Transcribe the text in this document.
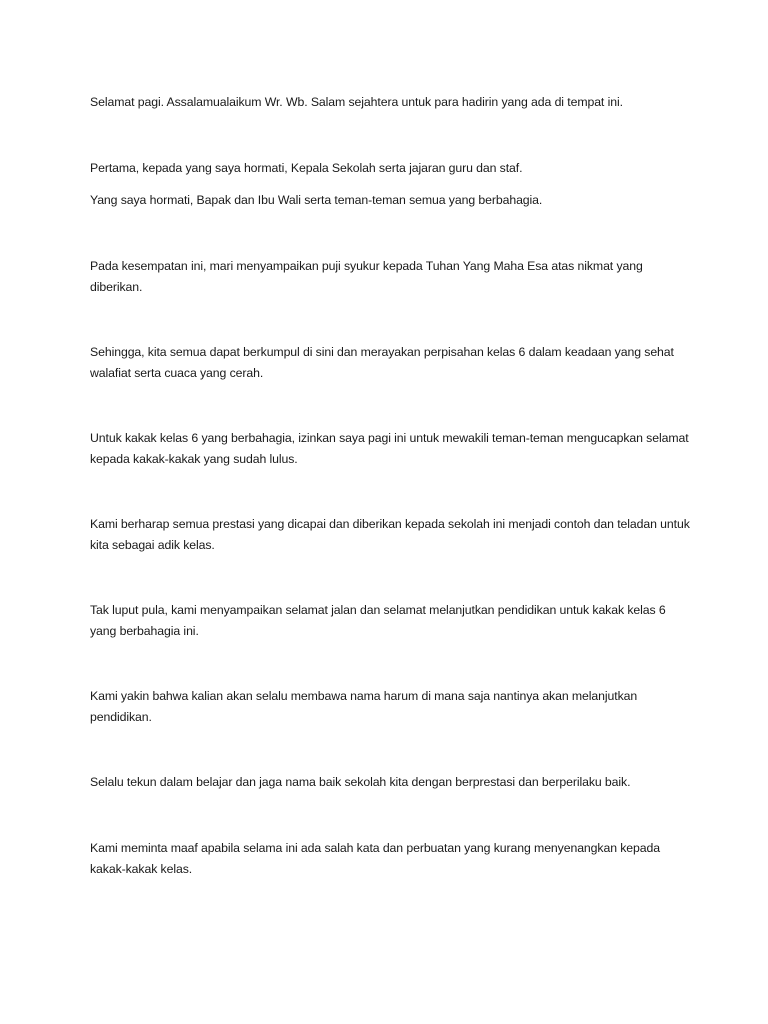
Selamat pagi. Assalamualaikum Wr. Wb. Salam sejahtera untuk para hadirin yang ada di tempat ini.

Pertama, kepada yang saya hormati, Kepala Sekolah serta jajaran guru dan staf.

Yang saya hormati, Bapak dan Ibu Wali serta teman-teman semua yang berbahagia.

Pada kesempatan ini, mari menyampaikan puji syukur kepada Tuhan Yang Maha Esa atas nikmat yang diberikan.

Sehingga, kita semua dapat berkumpul di sini dan merayakan perpisahan kelas 6 dalam keadaan yang sehat walafiat serta cuaca yang cerah.

Untuk kakak kelas 6 yang berbahagia, izinkan saya pagi ini untuk mewakili teman-teman mengucapkan selamat kepada kakak-kakak yang sudah lulus.

Kami berharap semua prestasi yang dicapai dan diberikan kepada sekolah ini menjadi contoh dan teladan untuk kita sebagai adik kelas.

Tak luput pula, kami menyampaikan selamat jalan dan selamat melanjutkan pendidikan untuk kakak kelas 6 yang berbahagia ini.

Kami yakin bahwa kalian akan selalu membawa nama harum di mana saja nantinya akan melanjutkan pendidikan.

Selalu tekun dalam belajar dan jaga nama baik sekolah kita dengan berprestasi dan berperilaku baik.

Kami meminta maaf apabila selama ini ada salah kata dan perbuatan yang kurang menyenangkan kepada kakak-kakak kelas.
